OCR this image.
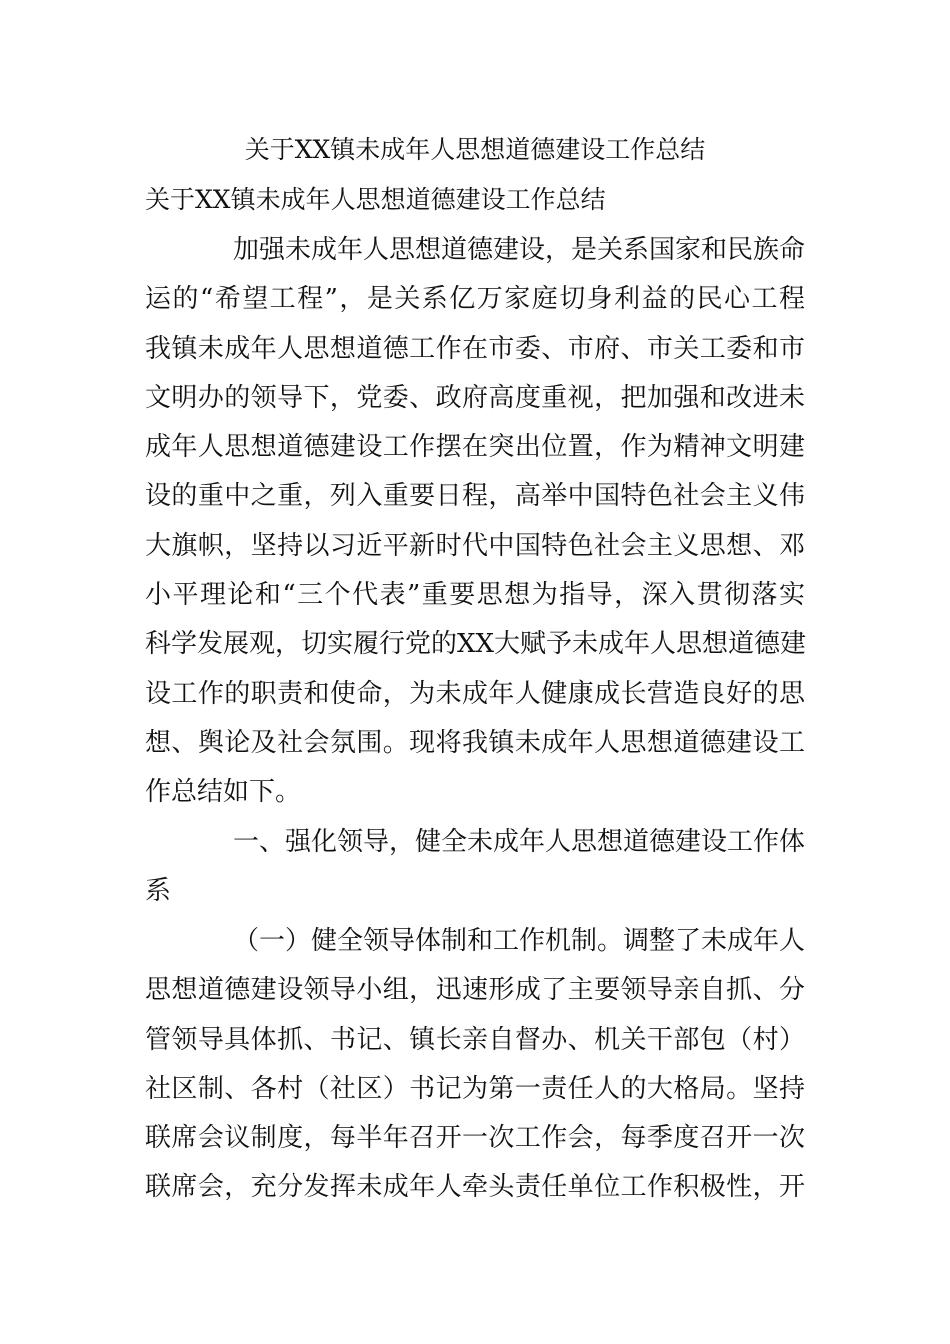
关于XX镇未成年人思想道德建设工作总结
关于XX镇未成年人思想道德建设工作总结
加强未成年人思想道德建设，是关系国家和民族命
运的“希望工程”，是关系亿万家庭切身利益的民心工程
我镇未成年人思想道德工作在市委、市府、市关工委和市
文明办的领导下，党委、政府高度重视，把加强和改进未
成年人思想道德建设工作摆在突出位置，作为精神文明建
设的重中之重，列入重要日程，高举中国特色社会主义伟
大旗帜，坚持以习近平新时代中国特色社会主义思想、邓
小平理论和“三个代表”重要思想为指导，深入贯彻落实
科学发展观，切实履行党的XX大赋予未成年人思想道德建
设工作的职责和使命，为未成年人健康成长营造良好的思
想、舆论及社会氛围。现将我镇未成年人思想道德建设工
作总结如下。
一、强化领导，健全未成年人思想道德建设工作体
系
（一）健全领导体制和工作机制。调整了未成年人
思想道德建设领导小组，迅速形成了主要领导亲自抓、分
管领导具体抓、书记、镇长亲自督办、机关干部包（村）
社区制、各村（社区）书记为第一责任人的大格局。坚持
联席会议制度，每半年召开一次工作会，每季度召开一次
联席会，充分发挥未成年人牵头责任单位工作积极性，开
